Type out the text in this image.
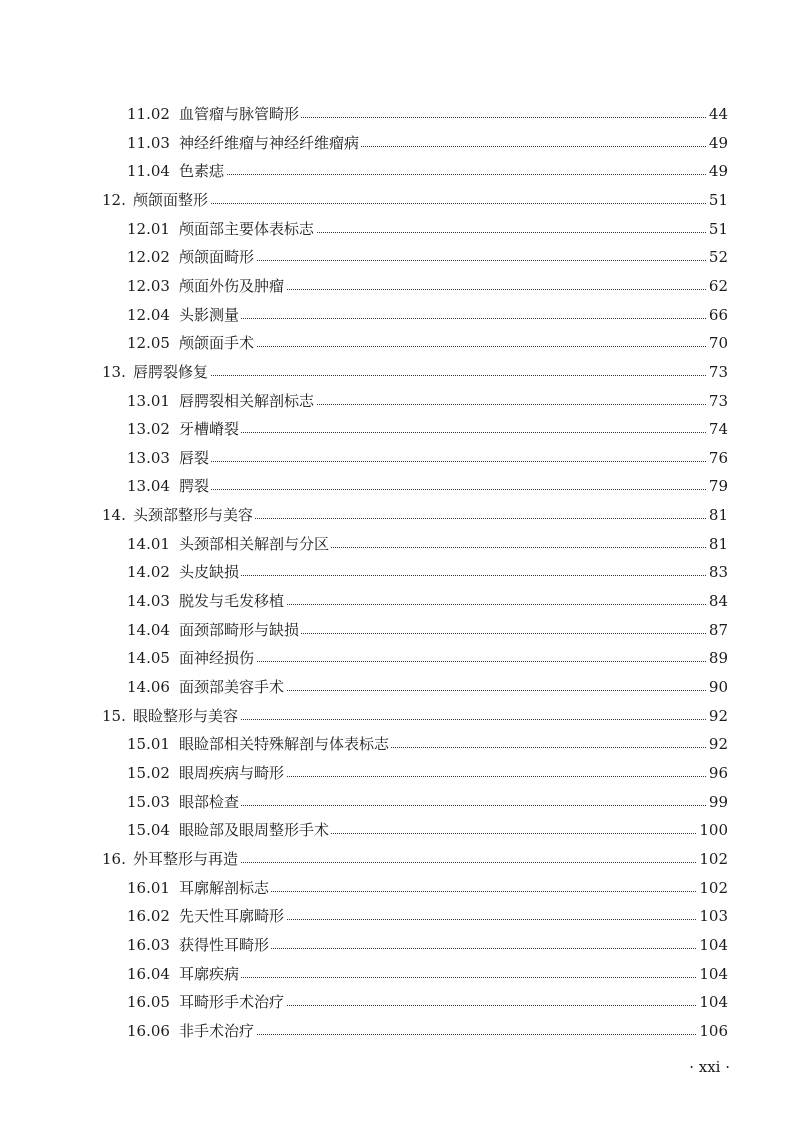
11.02 血管瘤与脉管畸形	44
11.03 神经纤维瘤与神经纤维瘤病	49
11.04 色素痣	49
12. 颅颌面整形	51
12.01 颅面部主要体表标志	51
12.02 颅颌面畸形	52
12.03 颅面外伤及肿瘤	62
12.04 头影测量	66
12.05 颅颌面手术	70
13. 唇腭裂修复	73
13.01 唇腭裂相关解剖标志	73
13.02 牙槽嵴裂	74
13.03 唇裂	76
13.04 腭裂	79
14. 头颈部整形与美容	81
14.01 头颈部相关解剖与分区	81
14.02 头皮缺损	83
14.03 脱发与毛发移植	84
14.04 面颈部畸形与缺损	87
14.05 面神经损伤	89
14.06 面颈部美容手术	90
15. 眼睑整形与美容	92
15.01 眼睑部相关特殊解剖与体表标志	92
15.02 眼周疾病与畸形	96
15.03 眼部检查	99
15.04 眼睑部及眼周整形手术	100
16. 外耳整形与再造	102
16.01 耳廓解剖标志	102
16.02 先天性耳廓畸形	103
16.03 获得性耳畸形	104
16.04 耳廓疾病	104
16.05 耳畸形手术治疗	104
16.06 非手术治疗	106
· xxi ·
